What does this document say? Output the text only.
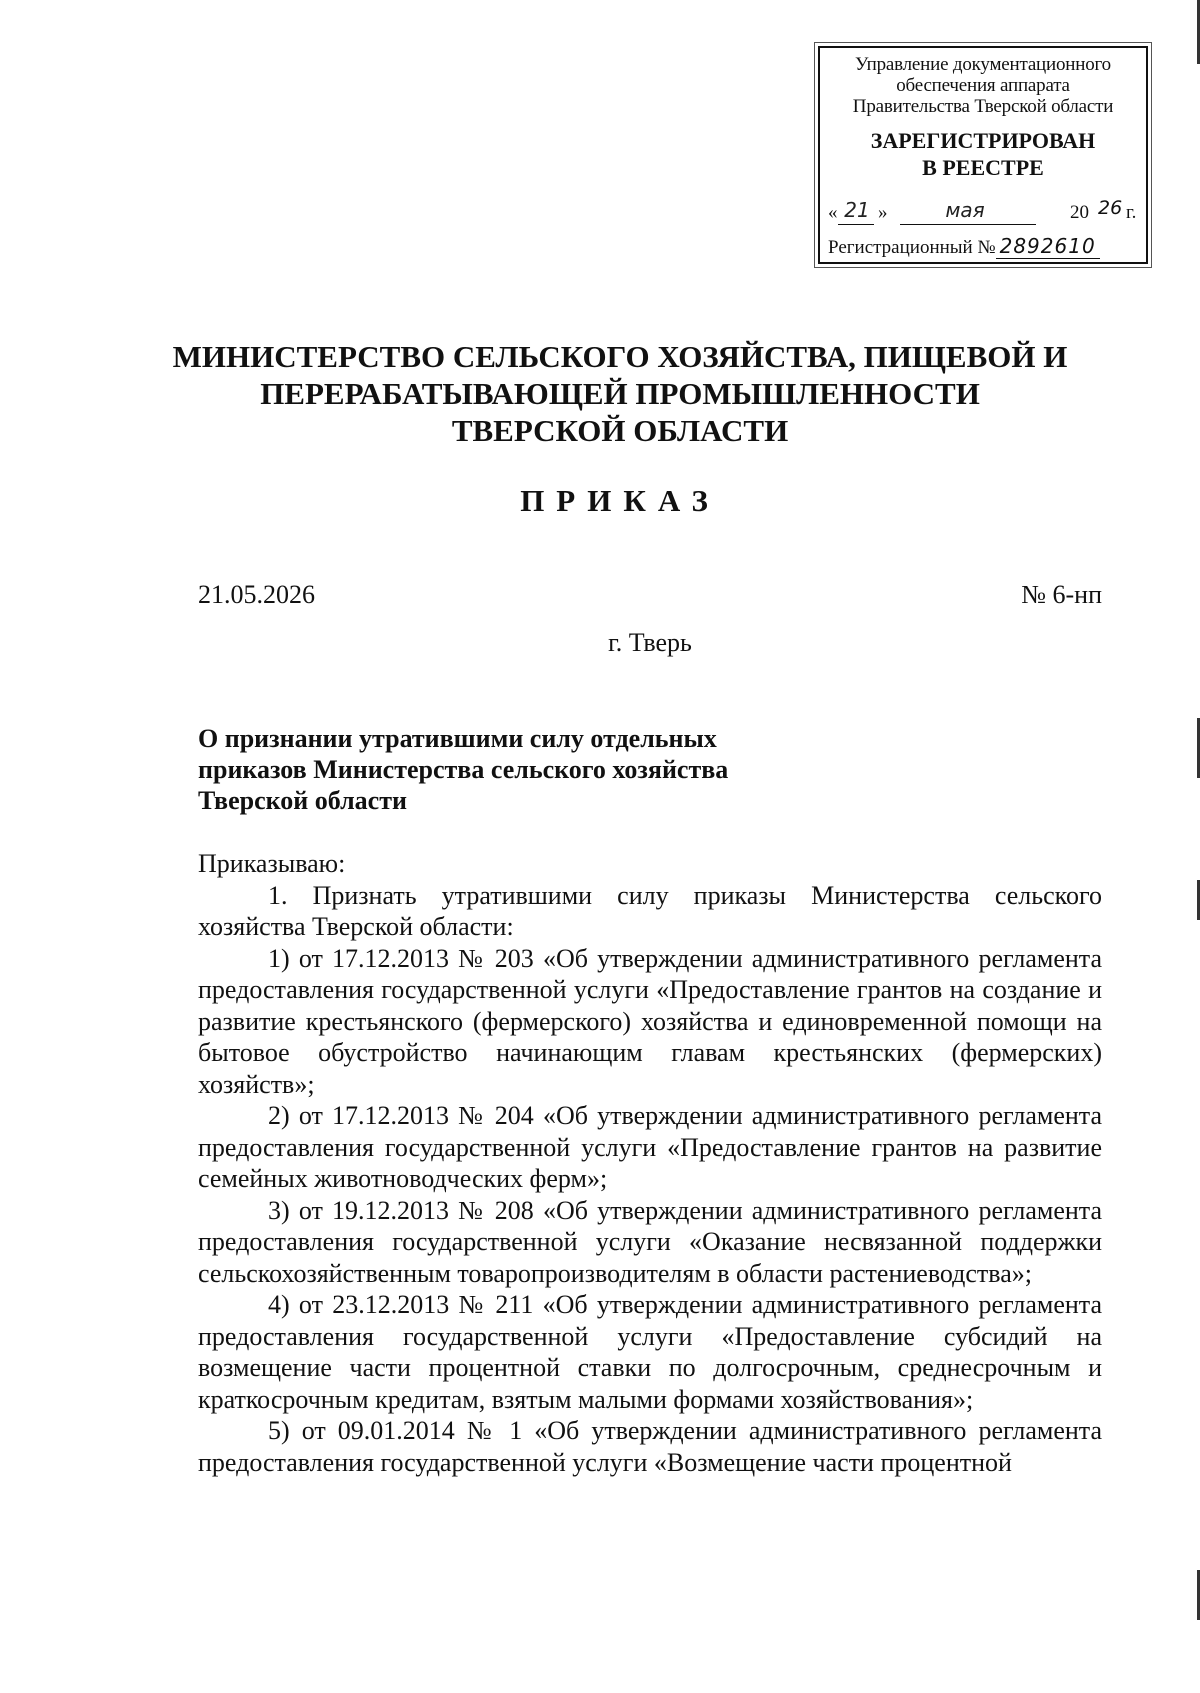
Управление документационного
обеспечения аппарата
Правительства Тверской области
ЗАРЕГИСТРИРОВАН
В РЕЕСТРЕ
« 21 »	мая	20 26 г.
Регистрационный № 2892610
МИНИСТЕРСТВО СЕЛЬСКОГО ХОЗЯЙСТВА, ПИЩЕВОЙ И
ПЕРЕРАБАТЫВАЮЩЕЙ ПРОМЫШЛЕННОСТИ
ТВЕРСКОЙ ОБЛАСТИ
ПРИКАЗ
21.05.2026	№ 6-нп
г. Тверь
О признании утратившими силу отдельных
приказов Министерства сельского хозяйства
Тверской области

Приказываю:

1. Признать утратившими силу приказы Министерства сельского хозяйства Тверской области:

1) от 17.12.2013 № 203 «Об утверждении административного регламента предоставления государственной услуги «Предоставление грантов на создание и развитие крестьянского (фермерского) хозяйства и единовременной помощи на бытовое обустройство начинающим главам крестьянских (фермерских) хозяйств»;

2) от 17.12.2013 № 204 «Об утверждении административного регламента предоставления государственной услуги «Предоставление грантов на развитие семейных животноводческих ферм»;

3) от 19.12.2013 № 208 «Об утверждении административного регламента предоставления государственной услуги «Оказание несвязанной поддержки сельскохозяйственным товаропроизводителям в области растениеводства»;

4) от 23.12.2013 № 211 «Об утверждении административного регламента предоставления государственной услуги «Предоставление субсидий на возмещение части процентной ставки по долгосрочным, среднесрочным и краткосрочным кредитам, взятым малыми формами хозяйствования»;

5) от 09.01.2014 № 1 «Об утверждении административного регламента предоставления государственной услуги «Возмещение части процентной
